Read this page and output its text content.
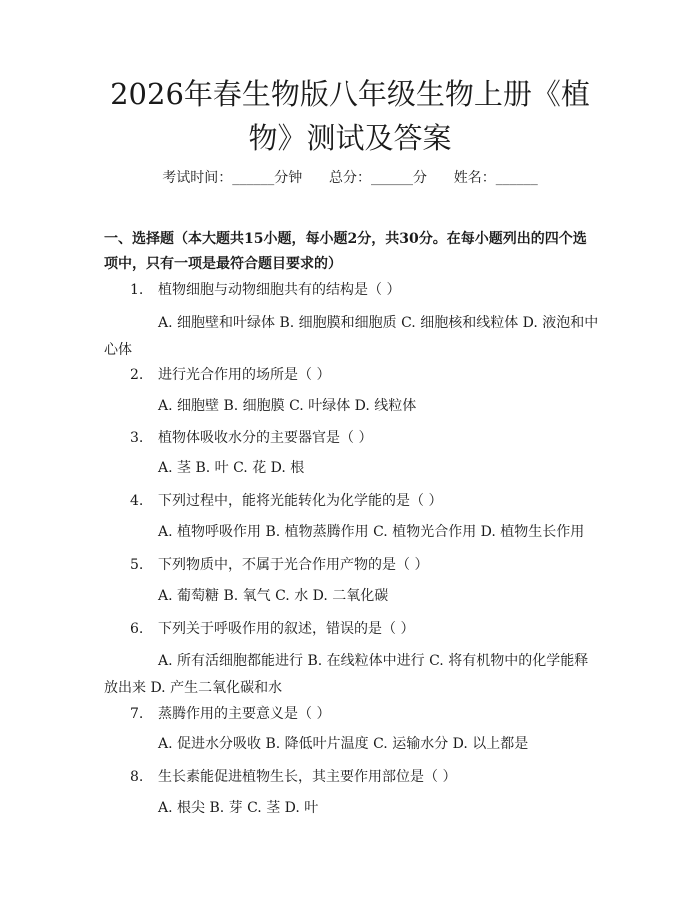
2026年春生物版八年级生物上册《植物》测试及答案
考试时间：______分钟 总分：______分 姓名：______
一、选择题（本大题共15小题，每小题2分，共30分。在每小题列出的四个选项中，只有一项是最符合题目要求的）
1. 植物细胞与动物细胞共有的结构是（ ）
A. 细胞壁和叶绿体 B. 细胞膜和细胞质 C. 细胞核和线粒体 D. 液泡和中心体
2. 进行光合作用的场所是（ ）
A. 细胞壁 B. 细胞膜 C. 叶绿体 D. 线粒体
3. 植物体吸收水分的主要器官是（ ）
A. 茎 B. 叶 C. 花 D. 根
4. 下列过程中，能将光能转化为化学能的是（ ）
A. 植物呼吸作用 B. 植物蒸腾作用 C. 植物光合作用 D. 植物生长作用
5. 下列物质中，不属于光合作用产物的是（ ）
A. 葡萄糖 B. 氧气 C. 水 D. 二氧化碳
6. 下列关于呼吸作用的叙述，错误的是（ ）
A. 所有活细胞都能进行 B. 在线粒体中进行 C. 将有机物中的化学能释放出来 D. 产生二氧化碳和水
7. 蒸腾作用的主要意义是（ ）
A. 促进水分吸收 B. 降低叶片温度 C. 运输水分 D. 以上都是
8. 生长素能促进植物生长，其主要作用部位是（ ）
A. 根尖 B. 芽 C. 茎 D. 叶
